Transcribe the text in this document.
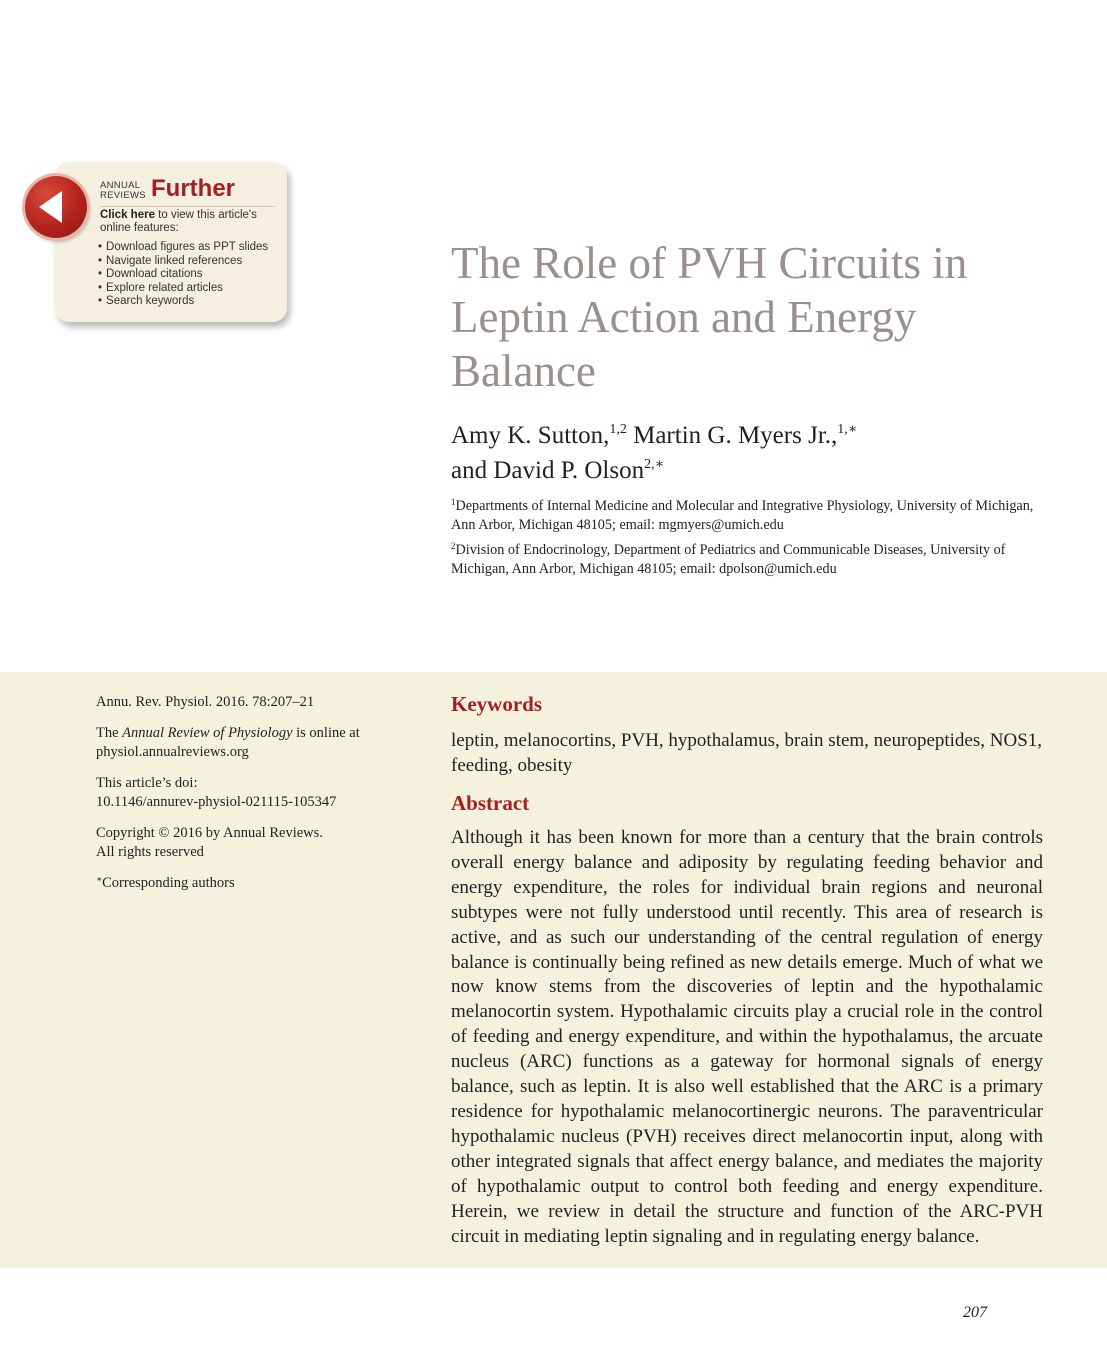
ANNUAL
REVIEWS Further
Click here to view this article's online features:
• Download figures as PPT slides
• Navigate linked references
• Download citations
• Explore related articles
• Search keywords
The Role of PVH Circuits in Leptin Action and Energy Balance
Amy K. Sutton,$^{1,2}$ Martin G. Myers Jr.,$^{1,∗}$
and David P. Olson$^{2,∗}$
$^1$Departments of Internal Medicine and Molecular and Integrative Physiology, University of Michigan, Ann Arbor, Michigan 48105; email: mgmyers@umich.edu
$^2$Division of Endocrinology, Department of Pediatrics and Communicable Diseases, University of Michigan, Ann Arbor, Michigan 48105; email: dpolson@umich.edu
Annu. Rev. Physiol. 2016. 78:207–21
The Annual Review of Physiology is online at
physiol.annualreviews.org
This article’s doi:
10.1146/annurev-physiol-021115-105347
Copyright © 2016 by Annual Reviews.
All rights reserved
∗Corresponding authors
Keywords
leptin, melanocortins, PVH, hypothalamus, brain stem, neuropeptides, NOS1, feeding, obesity
Abstract

Although it has been known for more than a century that the brain controls overall energy balance and adiposity by regulating feeding behavior and energy expenditure, the roles for individual brain regions and neuronal subtypes were not fully understood until recently. This area of research is active, and as such our understanding of the central regulation of energy balance is continually being refined as new details emerge. Much of what we now know stems from the discoveries of leptin and the hypothalamic melanocortin system. Hypothalamic circuits play a crucial role in the control of feeding and energy expenditure, and within the hypothalamus, the arcuate nucleus (ARC) functions as a gateway for hormonal signals of energy balance, such as leptin. It is also well established that the ARC is a primary residence for hypothalamic melanocortinergic neurons. The paraventricular hypothalamic nucleus (PVH) receives direct melanocortin input, along with other integrated signals that affect energy balance, and mediates the majority of hypothalamic output to control both feeding and energy expenditure. Herein, we review in detail the structure and function of the ARC-PVH circuit in mediating leptin signaling and in regulating energy balance.

207
